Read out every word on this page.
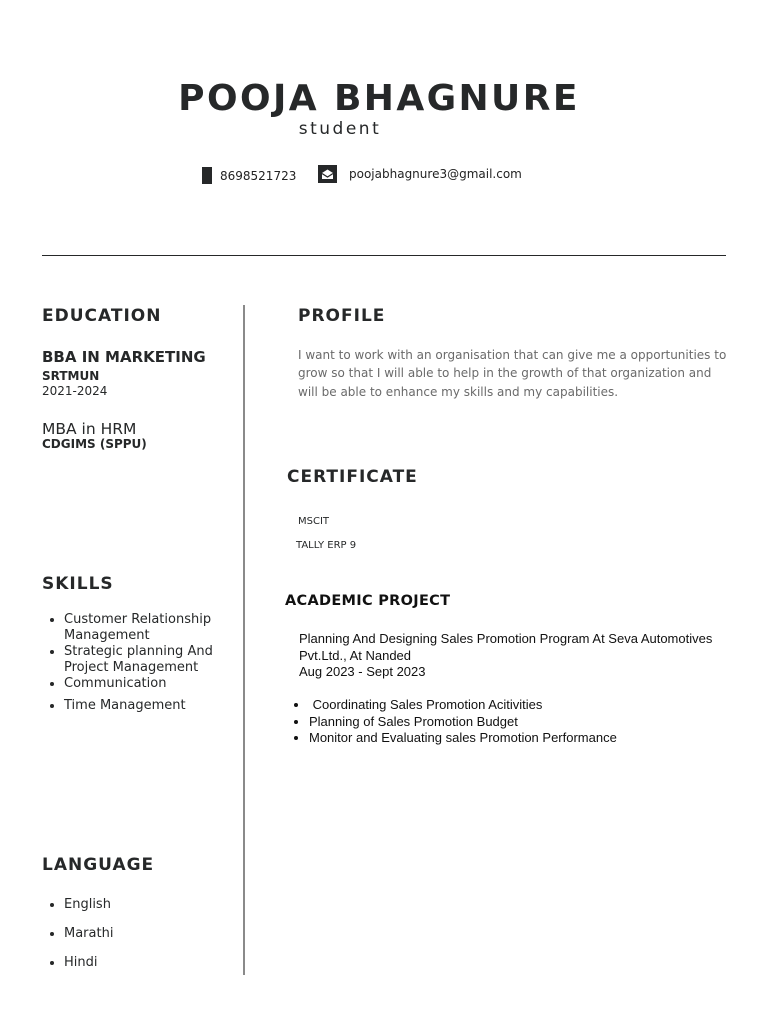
POOJA BHAGNURE
student
8698521723	poojabhagnure3@gmail.com
EDUCATION
BBA IN MARKETING
SRTMUN
2021-2024
MBA in HRM
CDGIMS (SPPU)
SKILLS
• Customer Relationship Management
• Strategic planning And Project Management
• Communication
• Time Management
LANGUAGE
• English
• Marathi
• Hindi
PROFILE
I want to work with an organisation that can give me a opportunities to grow so that I will able to help in the growth of that organization and will be able to enhance my skills and my capabilities.
CERTIFICATE
MSCIT
TALLY ERP 9
ACADEMIC PROJECT
Planning And Designing Sales Promotion Program At Seva Automotives Pvt.Ltd., At Nanded
Aug 2023 - Sept 2023
•  Coordinating Sales Promotion Acitivities
• Planning of Sales Promotion Budget
• Monitor and Evaluating sales Promotion Performance
